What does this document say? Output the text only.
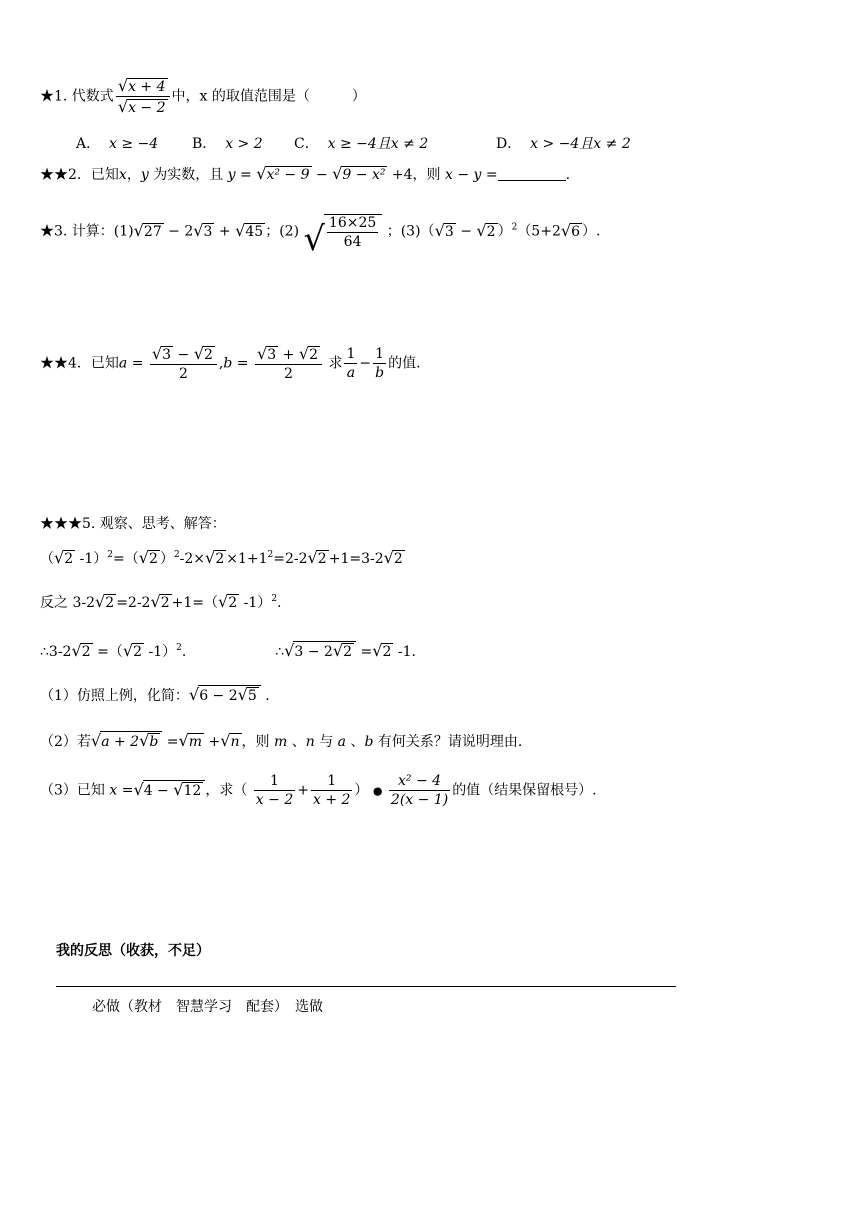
★1. 代数式 $\frac{√x + 4}{√x - 2}$ 中，x 的取值范围是（　　　）
A． x ≥ −4 B． x > 2 C． x ≥ −4且x ≠ 2	D． x > −4且x ≠ 2
★★2．已知x，y 为实数，且 y = √x² − 9 − √9 − x² +4，则 x − y =	.
★3. 计算：(1)√27 − 2√3 + √45 ；(2) √ $\frac{16\times 25}{64}$ ；(3)（√3 − √2 ）$^2$（5+2√6 ）.
★★4．已知$a = \frac{√3 - √2}{2} ,b = \frac{√3 + √2}{2}$ 求 $\frac{1}{a} - \frac{1}{b}$ 的值.
★★★5. 观察、思考、解答：
（√2 -1）$^2$=（√2 ）$^2-2\times√2 \times 1+1^2=2-2√2 +1=3-2√2$
反之 3-2√2 =2-2√2 +1=（√2 -1）$^2$.
∴3-2√2 =（√2 -1）$^2$.	∴√3 − 2√2 =√2 -1.
（1）仿照上例，化简：√6 − 2√5 .
（2）若√a + 2√b =√m +√n ，则 m 、n 与 a 、b 有何关系？请说明理由.
（3）已知 x =√4 − √12 ，求（ $\frac{1}{x - 2} + \frac{1}{x + 2}$ ） ● $\frac{\text{x² − 4}}{2(x - 1)}$ 的值（结果保留根号）.
我的反思（收获，不足）
必做（教材　智慧学习　配套）　选做
